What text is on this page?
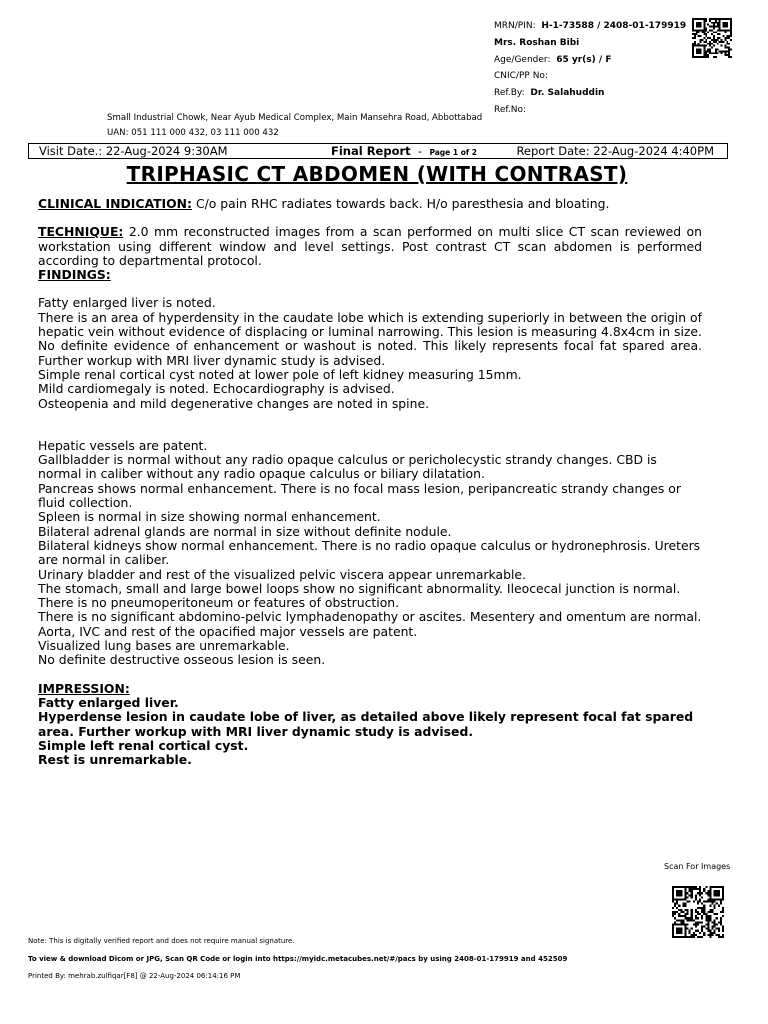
MRN/PIN: H-1-73588 / 2408-01-179919
Mrs. Roshan Bibi
Age/Gender: 65 yr(s) / F
CNIC/PP No:
Ref.By: Dr. Salahuddin
Ref.No:
Small Industrial Chowk, Near Ayub Medical Complex, Main Mansehra Road, Abbottabad
UAN: 051 111 000 432, 03 111 000 432
Visit Date.: 22-Aug-2024 9:30AM	Final Report - Page 1 of 2	Report Date: 22-Aug-2024 4:40PM
TRIPHASIC CT ABDOMEN (WITH CONTRAST)

CLINICAL INDICATION: C/o pain RHC radiates towards back. H/o paresthesia and bloating.

TECHNIQUE: 2.0 mm reconstructed images from a scan performed on multi slice CT scan reviewed on workstation using different window and level settings. Post contrast CT scan abdomen is performed according to departmental protocol.

FINDINGS:

Fatty enlarged liver is noted.

There is an area of hyperdensity in the caudate lobe which is extending superiorly in between the origin of hepatic vein without evidence of displacing or luminal narrowing. This lesion is measuring 4.8x4cm in size. No definite evidence of enhancement or washout is noted. This likely represents focal fat spared area. Further workup with MRI liver dynamic study is advised.

Simple renal cortical cyst noted at lower pole of left kidney measuring 15mm.

Mild cardiomegaly is noted. Echocardiography is advised.

Osteopenia and mild degenerative changes are noted in spine.

Hepatic vessels are patent.

Gallbladder is normal without any radio opaque calculus or pericholecystic strandy changes. CBD is normal in caliber without any radio opaque calculus or biliary dilatation.

Pancreas shows normal enhancement. There is no focal mass lesion, peripancreatic strandy changes or fluid collection.

Spleen is normal in size showing normal enhancement.

Bilateral adrenal glands are normal in size without definite nodule.

Bilateral kidneys show normal enhancement. There is no radio opaque calculus or hydronephrosis. Ureters are normal in caliber.

Urinary bladder and rest of the visualized pelvic viscera appear unremarkable.

The stomach, small and large bowel loops show no significant abnormality. Ileocecal junction is normal.

There is no pneumoperitoneum or features of obstruction.

There is no significant abdomino-pelvic lymphadenopathy or ascites. Mesentery and omentum are normal.

Aorta, IVC and rest of the opacified major vessels are patent.

Visualized lung bases are unremarkable.

No definite destructive osseous lesion is seen.

IMPRESSION:

Fatty enlarged liver.

Hyperdense lesion in caudate lobe of liver, as detailed above likely represent focal fat spared area. Further workup with MRI liver dynamic study is advised.

Simple left renal cortical cyst.

Rest is unremarkable.

Scan For Images
Note: This is digitally verified report and does not require manual signature.
To view & download Dicom or JPG, Scan QR Code or login into https://myidc.metacubes.net/#/pacs by using 2408-01-179919 and 452509
Printed By: mehrab.zulfiqar[F8] @ 22-Aug-2024 06:14:16 PM
